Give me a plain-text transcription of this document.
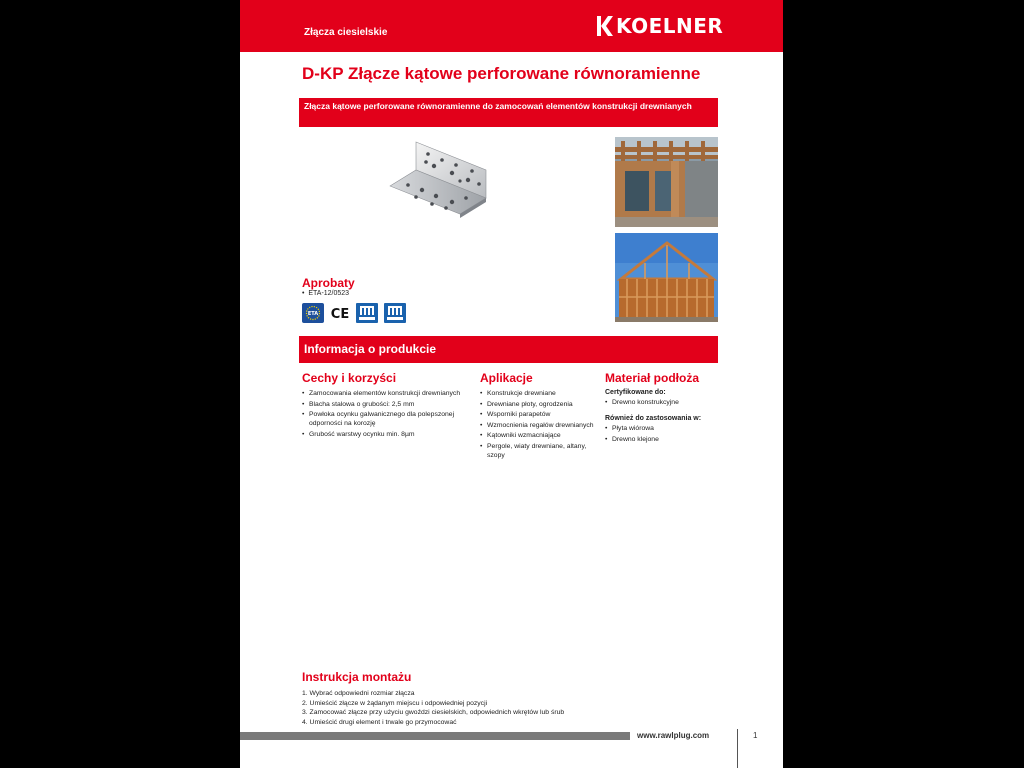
Złącza ciesielskie	KOELNER
D-KP Złącze kątowe perforowane równoramienne
Złącza kątowe perforowane równoramienne do zamocowań elementów konstrukcji drewnianych
Aprobaty
•  ETA-12/0523
ETA CE
Informacja o produkcie
Cechy i korzyści
• Zamocowania elementów konstrukcji drewnianych
• Blacha stalowa o grubości: 2,5 mm
• Powłoka ocynku galwanicznego dla polepszonej odporności na korozję
• Grubość warstwy ocynku min. 8µm
Aplikacje
• Konstrukcje drewniane
• Drewniane płoty, ogrodzenia
• Wsporniki parapetów
• Wzmocnienia regałów drewnianych
• Kątowniki wzmacniające
• Pergole, wiaty drewniane, altany, szopy
Materiał podłoża
Certyfikowane do:
• Drewno konstrukcyjne
Również do zastosowania w:
• Płyta wiórowa
• Drewno klejone
Instrukcja montażu
1. Wybrać odpowiedni rozmiar złącza
2. Umieścić złącze w żądanym miejscu i odpowiedniej pozycji
3. Zamocować złącze przy użyciu gwoździ ciesielskich, odpowiednich wkrętów lub śrub
4. Umieścić drugi element i trwale go przymocować
www.rawlplug.com	1
